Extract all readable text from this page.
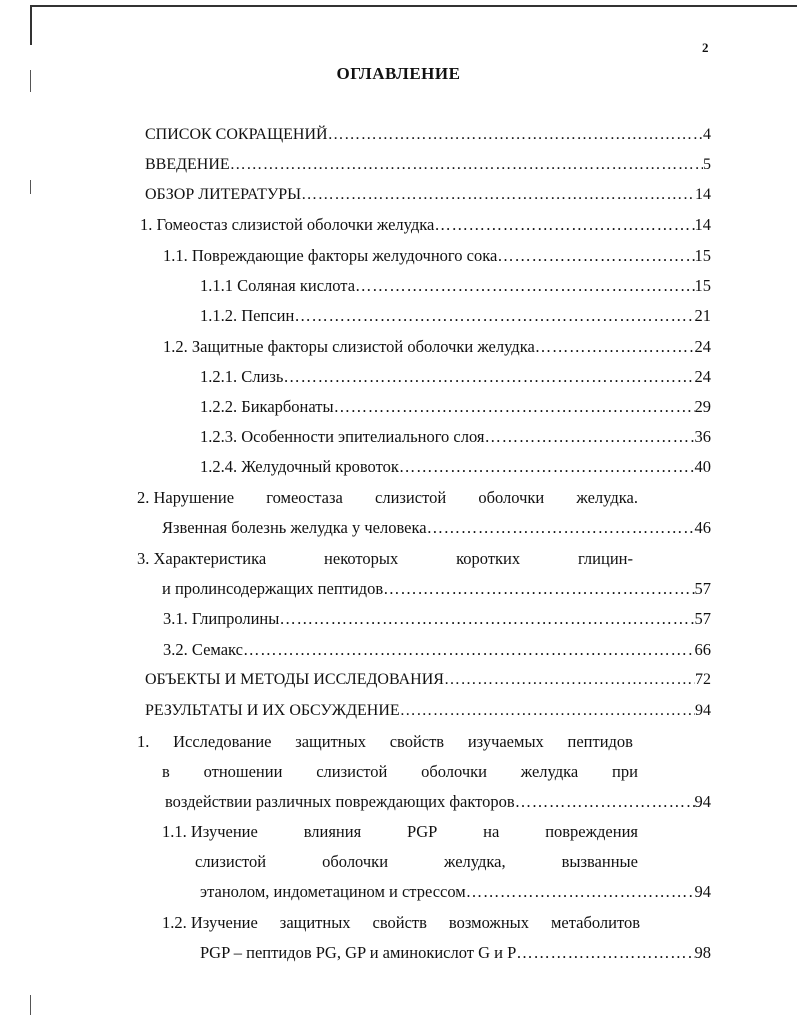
2
ОГЛАВЛЕНИЕ
СПИСОК СОКРАЩЕНИЙ ……………………………………………………………………………………………………………………………………………………………………………	4
ВВЕДЕНИЕ ……………………………………………………………………………………………………………………………………………………………………………	5
ОБЗОР ЛИТЕРАТУРЫ ……………………………………………………………………………………………………………………………………………………………………………	14
1. Гомеостаз слизистой оболочки желудка ……………………………………………………………………………………………………………………………………………………………………………	14
1.1. Повреждающие факторы желудочного сока ……………………………………………………………………………………………………………………………………………………………………………	15
1.1.1 Соляная кислота ……………………………………………………………………………………………………………………………………………………………………………	15
1.1.2. Пепсин ……………………………………………………………………………………………………………………………………………………………………………	21
1.2. Защитные факторы слизистой оболочки желудка ……………………………………………………………………………………………………………………………………………………………………………	24
1.2.1. Слизь ……………………………………………………………………………………………………………………………………………………………………………	24
1.2.2. Бикарбонаты ……………………………………………………………………………………………………………………………………………………………………………	29
1.2.3. Особенности эпителиального слоя ……………………………………………………………………………………………………………………………………………………………………………	36
1.2.4. Желудочный кровоток ……………………………………………………………………………………………………………………………………………………………………………	40
2. Нарушение гомеостаза слизистой оболочки желудка.
Язвенная болезнь желудка у человека ……………………………………………………………………………………………………………………………………………………………………………	46
3. Характеристика	некоторых	коротких	глицин-
и пролинсодержащих пептидов ……………………………………………………………………………………………………………………………………………………………………………	57
3.1. Глипролины ……………………………………………………………………………………………………………………………………………………………………………	57
3.2. Семакс ……………………………………………………………………………………………………………………………………………………………………………	66
ОБЪЕКТЫ И МЕТОДЫ ИССЛЕДОВАНИЯ ……………………………………………………………………………………………………………………………………………………………………………	72
РЕЗУЛЬТАТЫ И ИХ ОБСУЖДЕНИЕ ……………………………………………………………………………………………………………………………………………………………………………	94
1. Исследование защитных свойств изучаемых пептидов
в отношении слизистой оболочки желудка при
воздействии различных повреждающих факторов ……………………………………………………………………………………………………………………………………………………………………………	94
1.1. Изучение	влияния	PGP	на	повреждения
слизистой	оболочки	желудка,	вызванные
этанолом, индометацином и стрессом ……………………………………………………………………………………………………………………………………………………………………………	94
1.2. Изучение защитных свойств возможных метаболитов
PGP – пептидов PG, GP и аминокислот G и P ……………………………………………………………………………………………………………………………………………………………………………	98
